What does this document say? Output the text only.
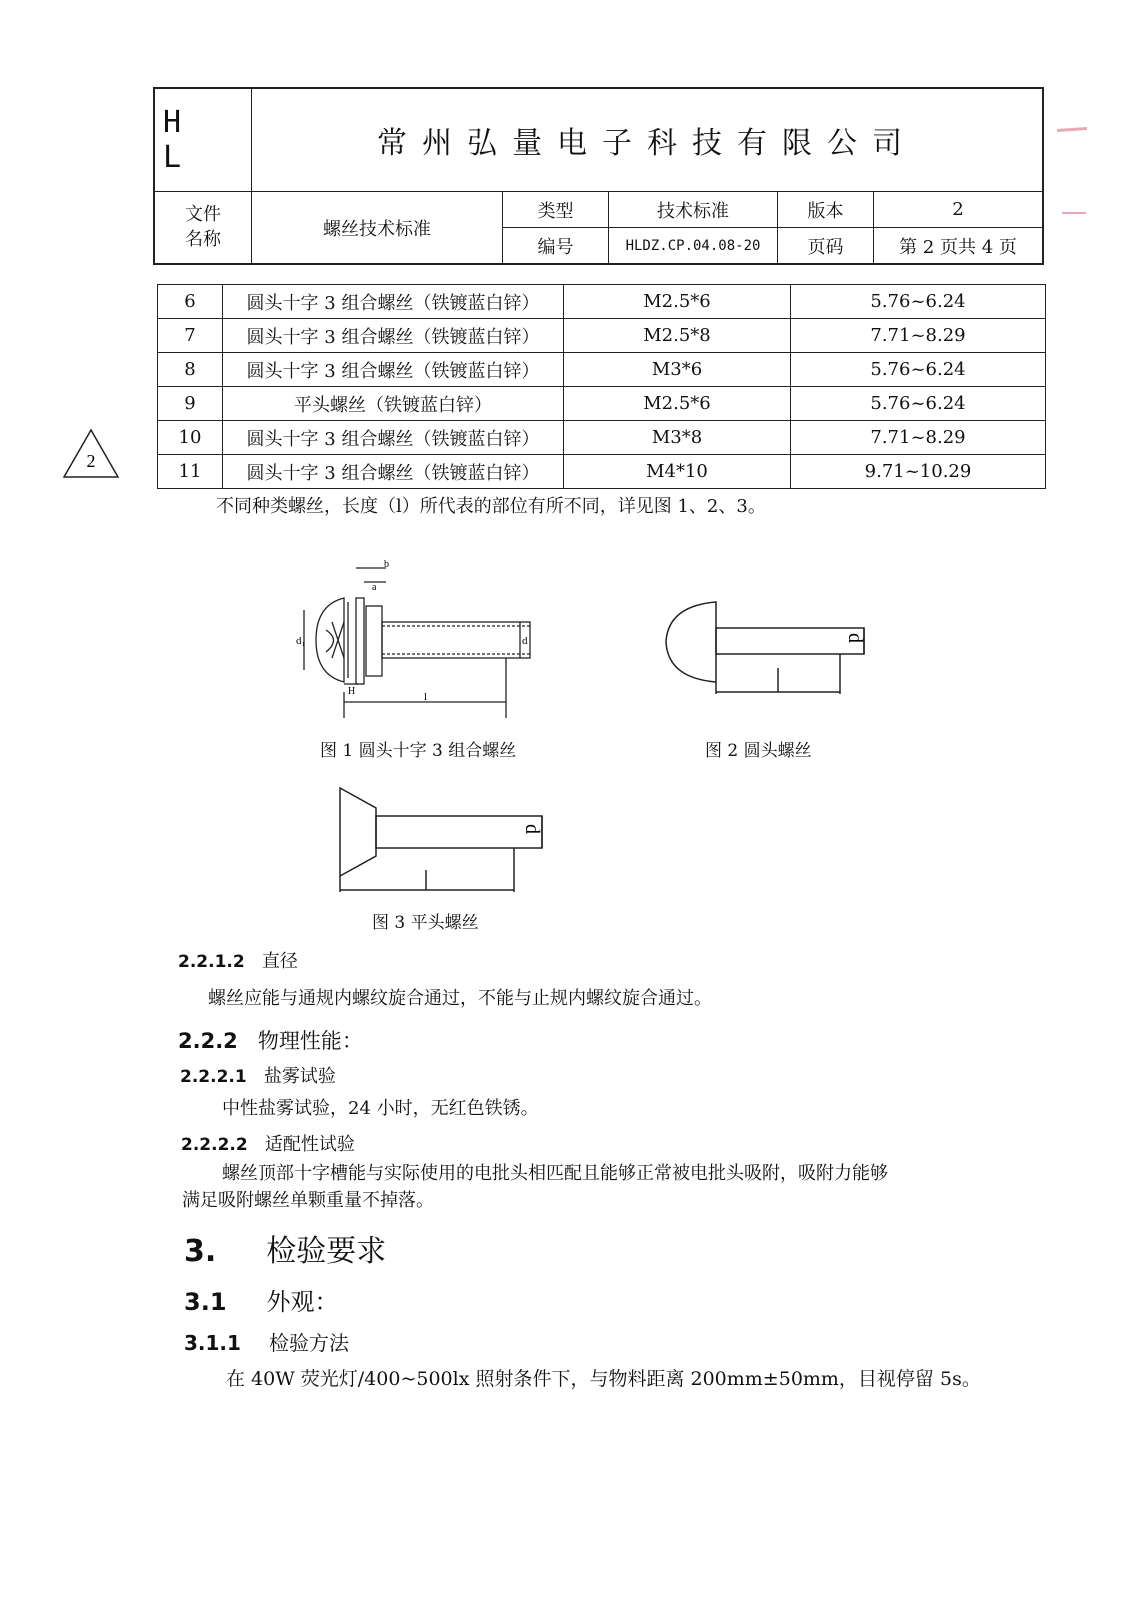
H L	常州弘量电子科技有限公司				

文件名称	螺丝技术标准	类型	技术标准	版本	2
		编号	HLDZ.CP.04.08-20	页码	第 2 页共 4 页
2
6	圆头十字 3 组合螺丝（铁镀蓝白锌）	M2.5*6	5.76~6.24
7	圆头十字 3 组合螺丝（铁镀蓝白锌）	M2.5*8	7.71~8.29
8	圆头十字 3 组合螺丝（铁镀蓝白锌）	M3*6	5.76~6.24
9	平头螺丝（铁镀蓝白锌）	M2.5*6	5.76~6.24
10	圆头十字 3 组合螺丝（铁镀蓝白锌）	M3*8	7.71~8.29
11	圆头十字 3 组合螺丝（铁镀蓝白锌）	M4*10	9.71~10.29
不同种类螺丝，长度（l）所代表的部位有所不同，详见图 1、2、3。
b
a
d₁	d
H	l
图 1 圆头十字 3 组合螺丝
d
图 2 圆头螺丝
d
图 3 平头螺丝
2.2.1.2 直径
螺丝应能与通规内螺纹旋合通过，不能与止规内螺纹旋合通过。
2.2.2 物理性能：
2.2.2.1 盐雾试验
中性盐雾试验，24 小时，无红色铁锈。
2.2.2.2 适配性试验
螺丝顶部十字槽能与实际使用的电批头相匹配且能够正常被电批头吸附，吸附力能够
满足吸附螺丝单颗重量不掉落。
3. 检验要求
3.1 外观：
3.1.1 检验方法
在 40W 荧光灯/400~500lx 照射条件下，与物料距离 200mm±50mm，目视停留 5s。
